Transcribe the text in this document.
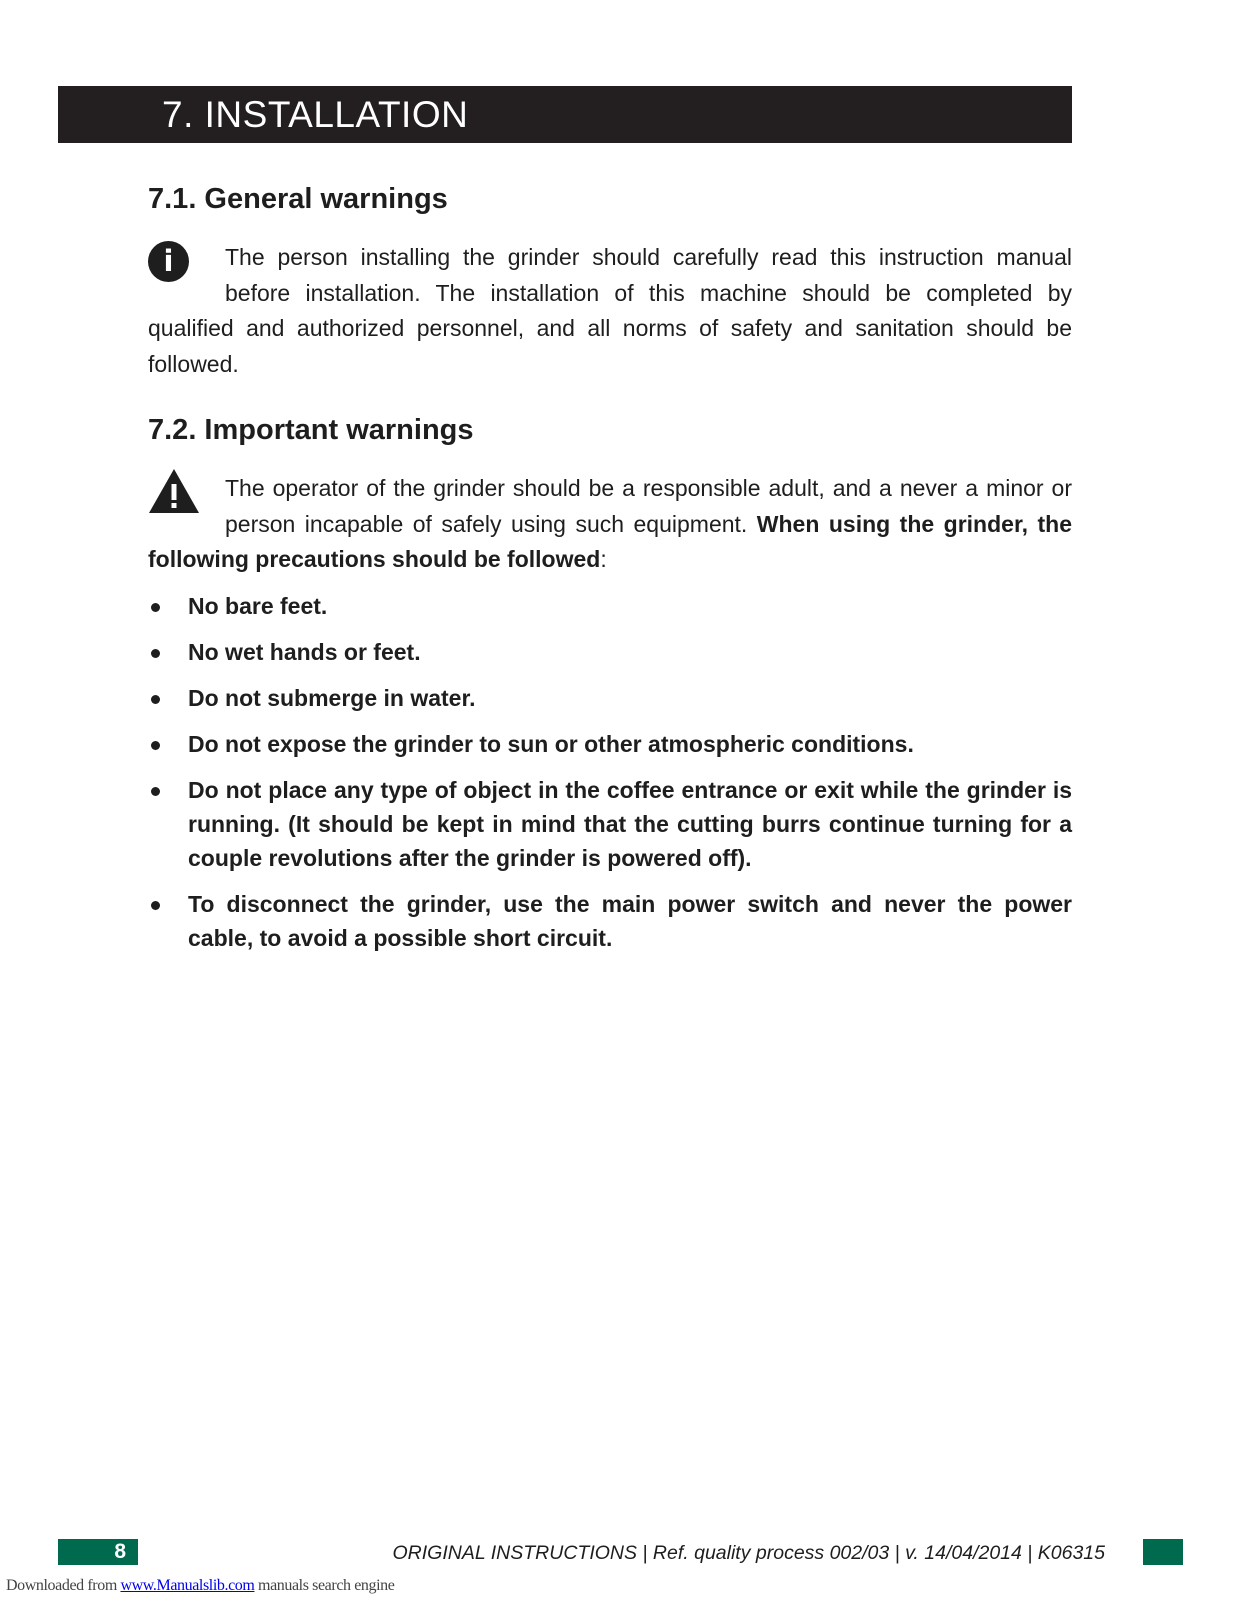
7. INSTALLATION
7.1. General warnings
i	The person installing the grinder should carefully read this instruction manual before installation. The installation of this machine should be completed by qualified and authorized personnel, and all norms of safety and sanitation should be followed.

7.2. Important warnings

The operator of the grinder should be a responsible adult, and a never a minor or person incapable of safely using such equipment. When using the grinder, the following precautions should be followed:

No bare feet.
No wet hands or feet.
Do not submerge in water.
Do not expose the grinder to sun or other atmospheric conditions.
Do not place any type of object in the coffee entrance or exit while the grinder is running. (It should be kept in mind that the cutting burrs continue turning for a couple revolutions after the grinder is powered off).
To disconnect the grinder, use the main power switch and never the power cable, to avoid a possible short circuit.
8	ORIGINAL INSTRUCTIONS | Ref. quality process 002/03 | v. 14/04/2014 | K06315
Downloaded from www.Manualslib.com manuals search engine
